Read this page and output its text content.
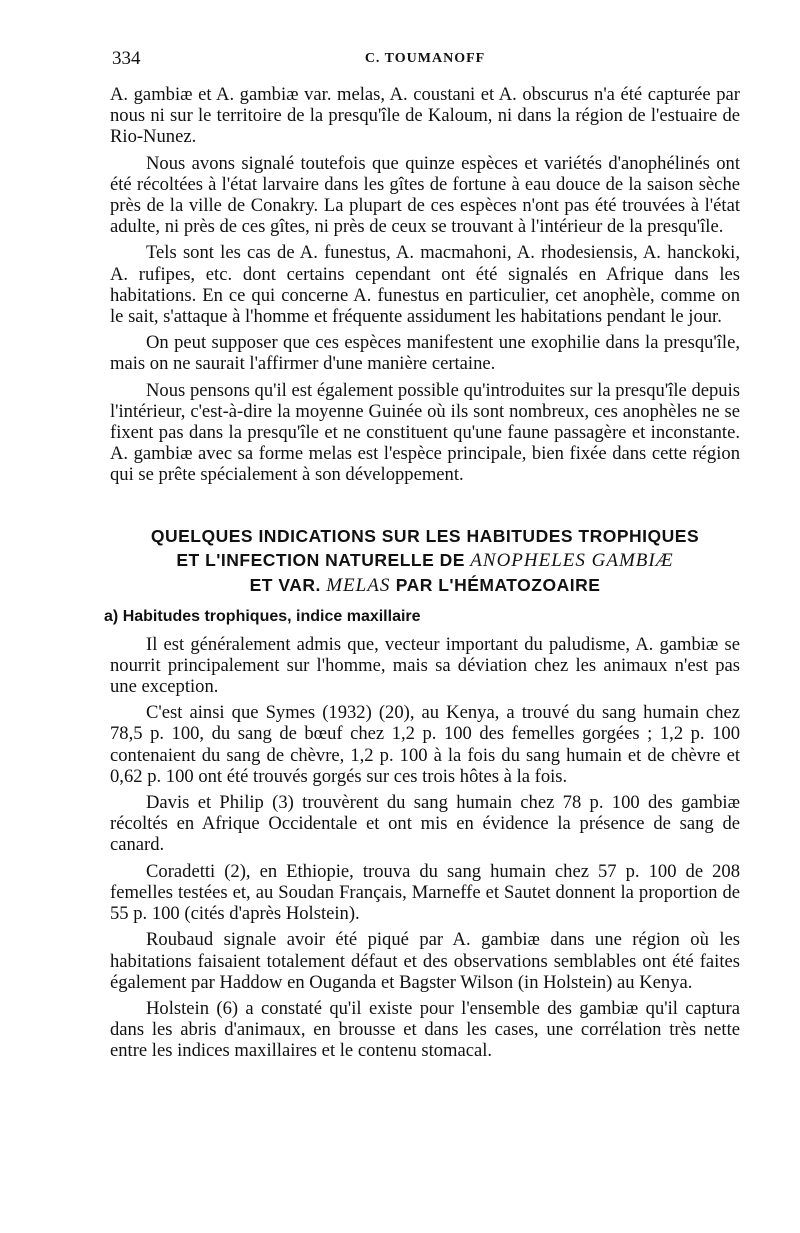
334	C. TOUMANOFF

A. gambiæ et A. gambiæ var. melas, A. coustani et A. obscurus n'a été capturée par nous ni sur le territoire de la presqu'île de Kaloum, ni dans la région de l'estuaire de Rio-Nunez.

Nous avons signalé toutefois que quinze espèces et variétés d'anophélinés ont été récoltées à l'état larvaire dans les gîtes de fortune à eau douce de la saison sèche près de la ville de Conakry. La plupart de ces espèces n'ont pas été trouvées à l'état adulte, ni près de ces gîtes, ni près de ceux se trouvant à l'intérieur de la presqu'île.

Tels sont les cas de A. funestus, A. macmahoni, A. rhodesiensis, A. hanckoki, A. rufipes, etc. dont certains cependant ont été signalés en Afrique dans les habitations. En ce qui concerne A. funestus en particulier, cet anophèle, comme on le sait, s'attaque à l'homme et fréquente assidument les habitations pendant le jour.

On peut supposer que ces espèces manifestent une exophilie dans la presqu'île, mais on ne saurait l'affirmer d'une manière certaine.

Nous pensons qu'il est également possible qu'introduites sur la presqu'île depuis l'intérieur, c'est-à-dire la moyenne Guinée où ils sont nombreux, ces anophèles ne se fixent pas dans la presqu'île et ne constituent qu'une faune passagère et inconstante. A. gambiæ avec sa forme melas est l'espèce principale, bien fixée dans cette région qui se prête spécialement à son développement.

QUELQUES INDICATIONS SUR LES HABITUDES TROPHIQUES
ET L'INFECTION NATURELLE DE ANOPHELES GAMBIÆ
ET VAR. MELAS PAR L'HÉMATOZOAIRE
a) Habitudes trophiques, indice maxillaire

Il est généralement admis que, vecteur important du paludisme, A. gambiæ se nourrit principalement sur l'homme, mais sa déviation chez les animaux n'est pas une exception.

C'est ainsi que Symes (1932) (20), au Kenya, a trouvé du sang humain chez 78,5 p. 100, du sang de bœuf chez 1,2 p. 100 des femelles gorgées ; 1,2 p. 100 contenaient du sang de chèvre, 1,2 p. 100 à la fois du sang humain et de chèvre et 0,62 p. 100 ont été trouvés gorgés sur ces trois hôtes à la fois.

Davis et Philip (3) trouvèrent du sang humain chez 78 p. 100 des gambiæ récoltés en Afrique Occidentale et ont mis en évidence la présence de sang de canard.

Coradetti (2), en Ethiopie, trouva du sang humain chez 57 p. 100 de 208 femelles testées et, au Soudan Français, Marneffe et Sautet donnent la proportion de 55 p. 100 (cités d'après Holstein).

Roubaud signale avoir été piqué par A. gambiæ dans une région où les habitations faisaient totalement défaut et des observations semblables ont été faites également par Haddow en Ouganda et Bagster Wilson (in Holstein) au Kenya.

Holstein (6) a constaté qu'il existe pour l'ensemble des gambiæ qu'il captura dans les abris d'animaux, en brousse et dans les cases, une corrélation très nette entre les indices maxillaires et le contenu stomacal.
